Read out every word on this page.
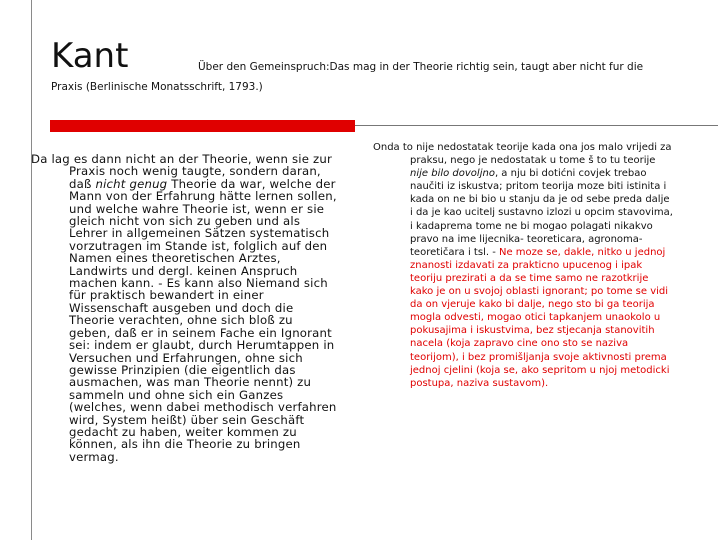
Kant	Über den Gemeinspruch:Das mag in der Theorie richtig sein, taugt aber nicht fur die
Praxis (Berlinische Monatsschrift, 1793.)

Da lag es dann nicht an der Theorie, wenn sie zur Praxis noch wenig taugte, sondern daran, daß nicht genug Theorie da war, welche der Mann von der Erfahrung hätte lernen sollen, und welche wahre Theorie ist, wenn er sie gleich nicht von sich zu geben und als Lehrer in allgemeinen Sätzen systematisch vorzutragen im Stande ist, folglich auf den Namen eines theoretischen Arztes, Landwirts und dergl. keinen Anspruch machen kann. - Es kann also Niemand sich für praktisch bewandert in einer Wissenschaft ausgeben und doch die Theorie verachten, ohne sich bloß zu geben, daß er in seinem Fache ein Ignorant sei: indem er glaubt, durch Herumtappen in Versuchen und Erfahrungen, ohne sich gewisse Prinzipien (die eigentlich das ausmachen, was man Theorie nennt) zu sammeln und ohne sich ein Ganzes (welches, wenn dabei methodisch verfahren wird, System heißt) über sein Geschäft gedacht zu haben, weiter kommen zu können, als ihn die Theorie zu bringen vermag.

Onda to nije nedostatak teorije kada ona jos malo vrijedi za praksu, nego je nedostatak u tome š to tu teorije nije bilo dovoljno, a nju bi dotićni covjek trebao naučiti iz iskustva; pritom teorija moze biti istinita i kada on ne bi bio u stanju da je od sebe preda dalje i da je kao ucitelj sustavno izlozi u opcim stavovima, i kadaprema tome ne bi mogao polagati nikakvo pravo na ime lijecnika- teoreticara, agronoma-teoretičara i tsl. - Ne moze se, dakle, nitko u jednoj znanosti izdavati za prakticno upucenog i ipak teoriju prezirati a da se time samo ne razotkrije kako je on u svojoj oblasti ignorant; po tome se vidi da on vjeruje kako bi dalje, nego sto bi ga teorija mogla odvesti, mogao otici tapkanjem unaokolo u pokusajima i iskustvima, bez stjecanja stanovitih nacela (koja zapravo cine ono sto se naziva teorijom), i bez promišljanja svoje aktivnosti prema jednoj cjelini (koja se, ako sepritom u njoj metodicki postupa, naziva sustavom).
